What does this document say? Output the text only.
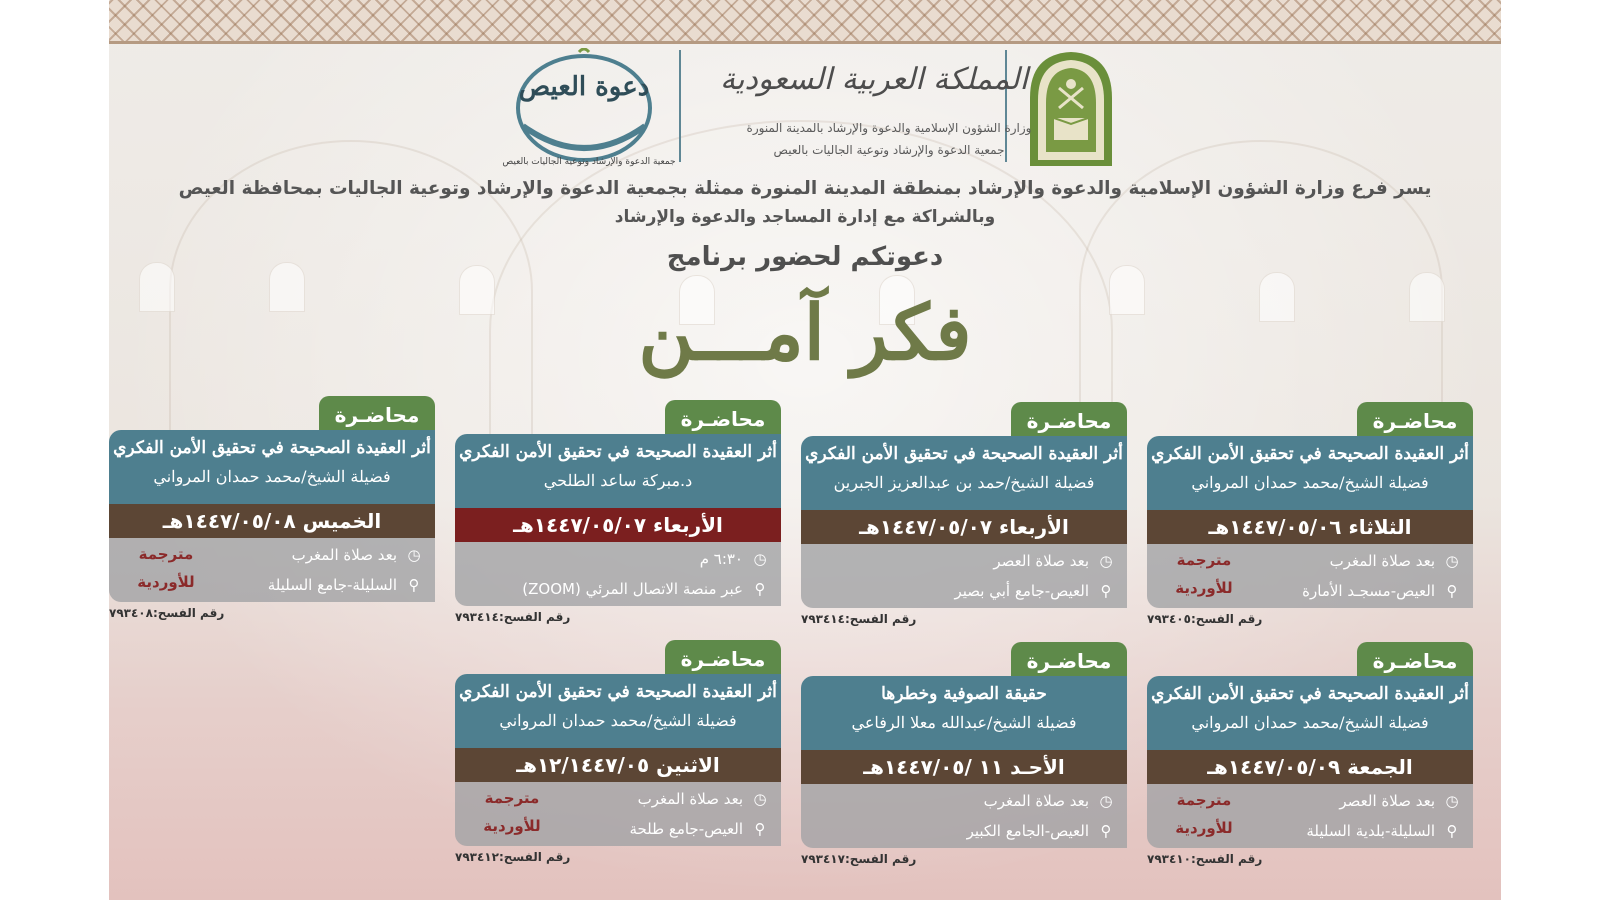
المملكة العربية السعودية
وزارة الشؤون الإسلامية والدعوة والإرشاد بالمدينة المنورة
جمعية الدعوة والإرشاد وتوعية الجاليات بالعيص
دعوة العيص
جمعية الدعوة والإرشاد وتوعية الجاليات بالعيص
يسر فرع وزارة الشؤون الإسلامية والدعوة والإرشاد بمنطقة المدينة المنورة ممثلة بجمعية الدعوة والإرشاد وتوعية الجاليات بمحافظة العيص
وبالشراكة مع إدارة المساجد والدعوة والإرشاد
دعوتكم لحضور برنامج
فكر آمـــن
محاضـرة
أثر العقيدة الصحيحة في تحقيق الأمن الفكري
فضيلة الشيخ/محمد حمدان المرواني
الثلاثاء ١٤٤٧/٠٥/٠٦هـ
◷بعد صلاة المغرب
⚲العيص-مسجـد الأمارة
مترجمة للأوردية
رقم الفسح:٧٩٣٤٠٥
محاضـرة
أثر العقيدة الصحيحة في تحقيق الأمن الفكري
فضيلة الشيخ/حمد بن عبدالعزيز الجبرين
الأربعاء ١٤٤٧/٠٥/٠٧هـ
◷بعد صلاة العصر
⚲العيص-جامع أبي بصير
رقم الفسح:٧٩٣٤١٤
محاضـرة
أثر العقيدة الصحيحة في تحقيق الأمن الفكري
د.مبركة ساعد الطلحي
الأربعاء ١٤٤٧/٠٥/٠٧هـ
◷٦:٣٠ م
⚲عبر منصة الاتصال المرئي (ZOOM)
رقم الفسح:٧٩٣٤١٤
محاضـرة
أثر العقيدة الصحيحة في تحقيق الأمن الفكري
فضيلة الشيخ/محمد حمدان المرواني
الخميس ١٤٤٧/٠٥/٠٨هـ
◷بعد صلاة المغرب
⚲السليلة-جامع السليلة
مترجمة للأوردية
رقم الفسح:٧٩٣٤٠٨
محاضـرة
أثر العقيدة الصحيحة في تحقيق الأمن الفكري
فضيلة الشيخ/محمد حمدان المرواني
الجمعة ١٤٤٧/٠٥/٠٩هـ
◷بعد صلاة العصر
⚲السليلة-بلدية السليلة
مترجمة للأوردية
رقم الفسح:٧٩٣٤١٠
محاضـرة
حقيقة الصوفية وخطرها
فضيلة الشيخ/عبدالله معلا الرفاعي
الأحـد ١١ /١٤٤٧/٠٥هـ
◷بعد صلاة المغرب
⚲العيص-الجامع الكبير
رقم الفسح:٧٩٣٤١٧
محاضـرة
أثر العقيدة الصحيحة في تحقيق الأمن الفكري
فضيلة الشيخ/محمد حمدان المرواني
الاثنين ١٢/١٤٤٧/٠٥هـ
◷بعد صلاة المغرب
⚲العيص-جامع طلحة
مترجمة للأوردية
رقم الفسح:٧٩٣٤١٢
